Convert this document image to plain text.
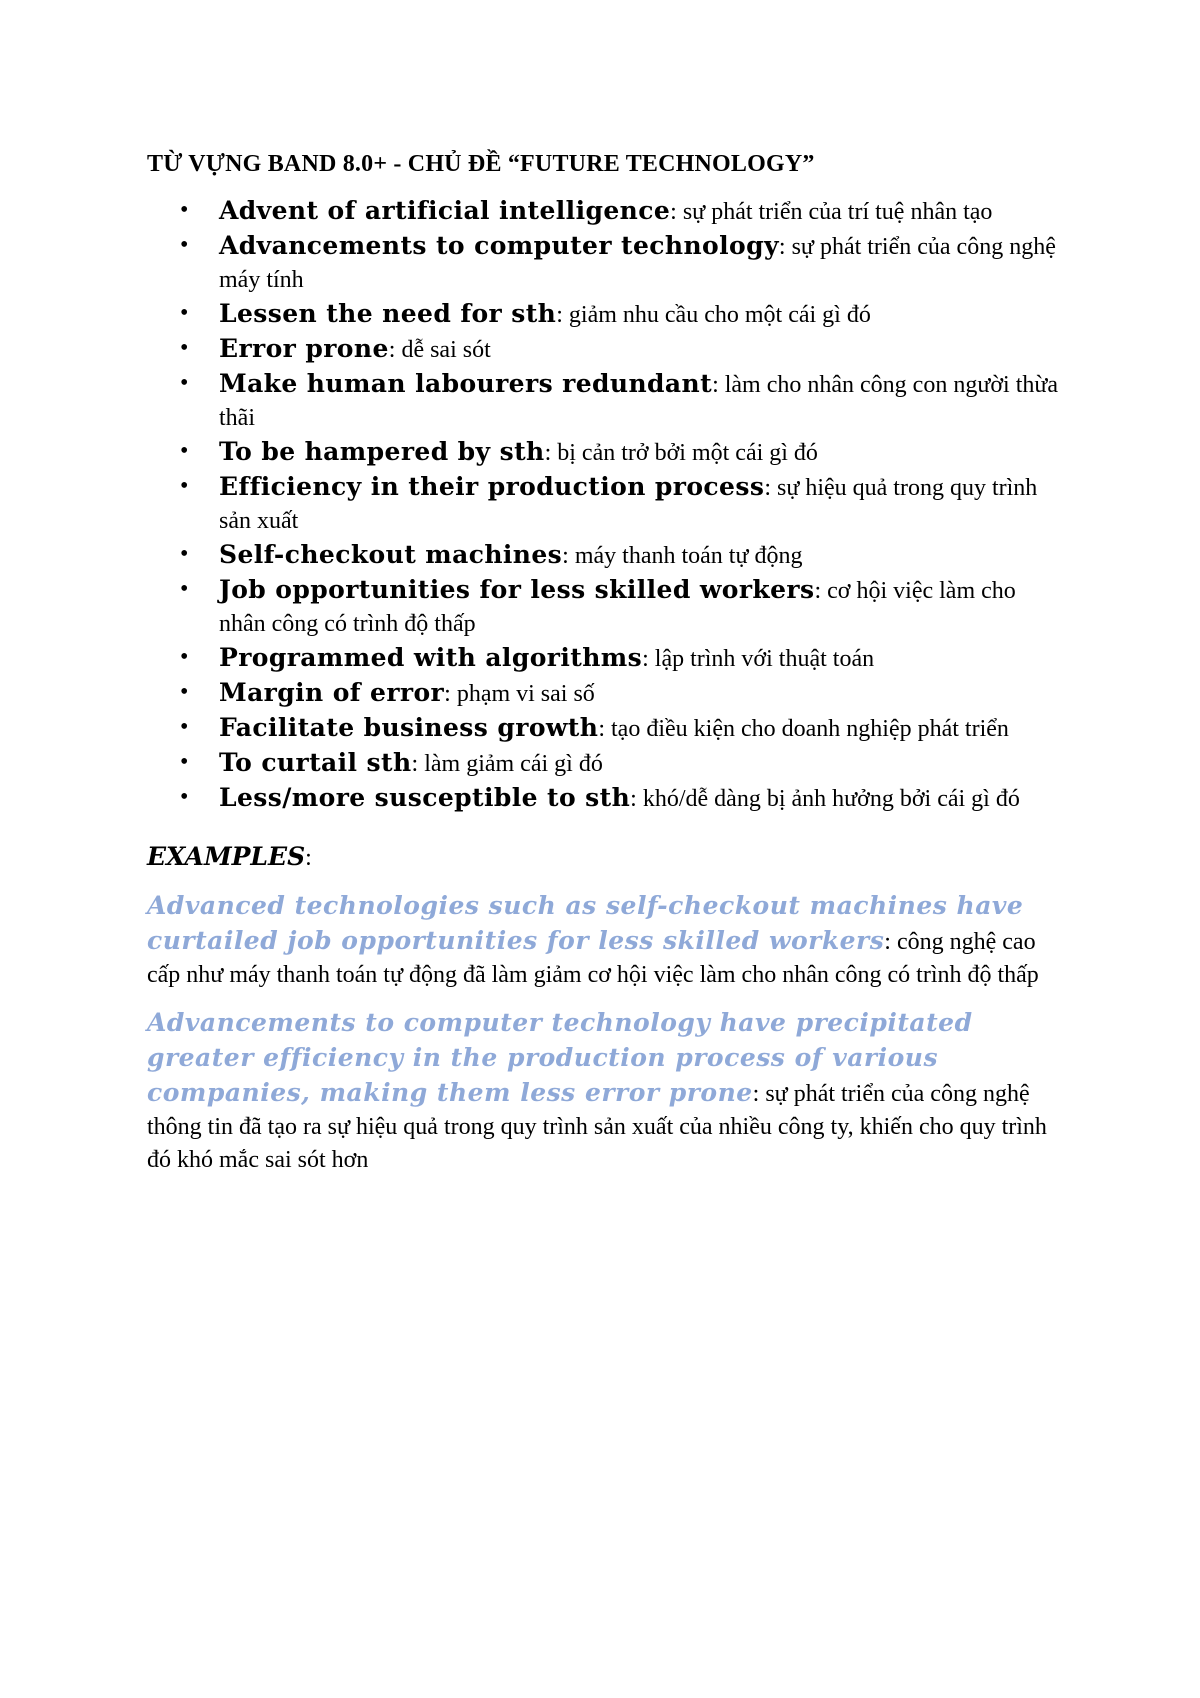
TỪ VỰNG BAND 8.0+ - CHỦ ĐỀ “FUTURE TECHNOLOGY”
• Advent of artificial intelligence: sự phát triển của trí tuệ nhân tạo
• Advancements to computer technology: sự phát triển của công nghệ máy tính
• Lessen the need for sth: giảm nhu cầu cho một cái gì đó
• Error prone: dễ sai sót
• Make human labourers redundant: làm cho nhân công con người thừa thãi
• To be hampered by sth: bị cản trở bởi một cái gì đó
• Efficiency in their production process: sự hiệu quả trong quy trình sản xuất
• Self-checkout machines: máy thanh toán tự động
• Job opportunities for less skilled workers: cơ hội việc làm cho nhân công có trình độ thấp
• Programmed with algorithms: lập trình với thuật toán
• Margin of error: phạm vi sai số
• Facilitate business growth: tạo điều kiện cho doanh nghiệp phát triển
• To curtail sth: làm giảm cái gì đó
• Less/more susceptible to sth: khó/dễ dàng bị ảnh hưởng bởi cái gì đó

EXAMPLES:

Advanced technologies such as self-checkout machines have curtailed job opportunities for less skilled workers: công nghệ cao cấp như máy thanh toán tự động đã làm giảm cơ hội việc làm cho nhân công có trình độ thấp

Advancements to computer technology have precipitated greater efficiency in the production process of various companies, making them less error prone: sự phát triển của công nghệ thông tin đã tạo ra sự hiệu quả trong quy trình sản xuất của nhiều công ty, khiến cho quy trình đó khó mắc sai sót hơn
